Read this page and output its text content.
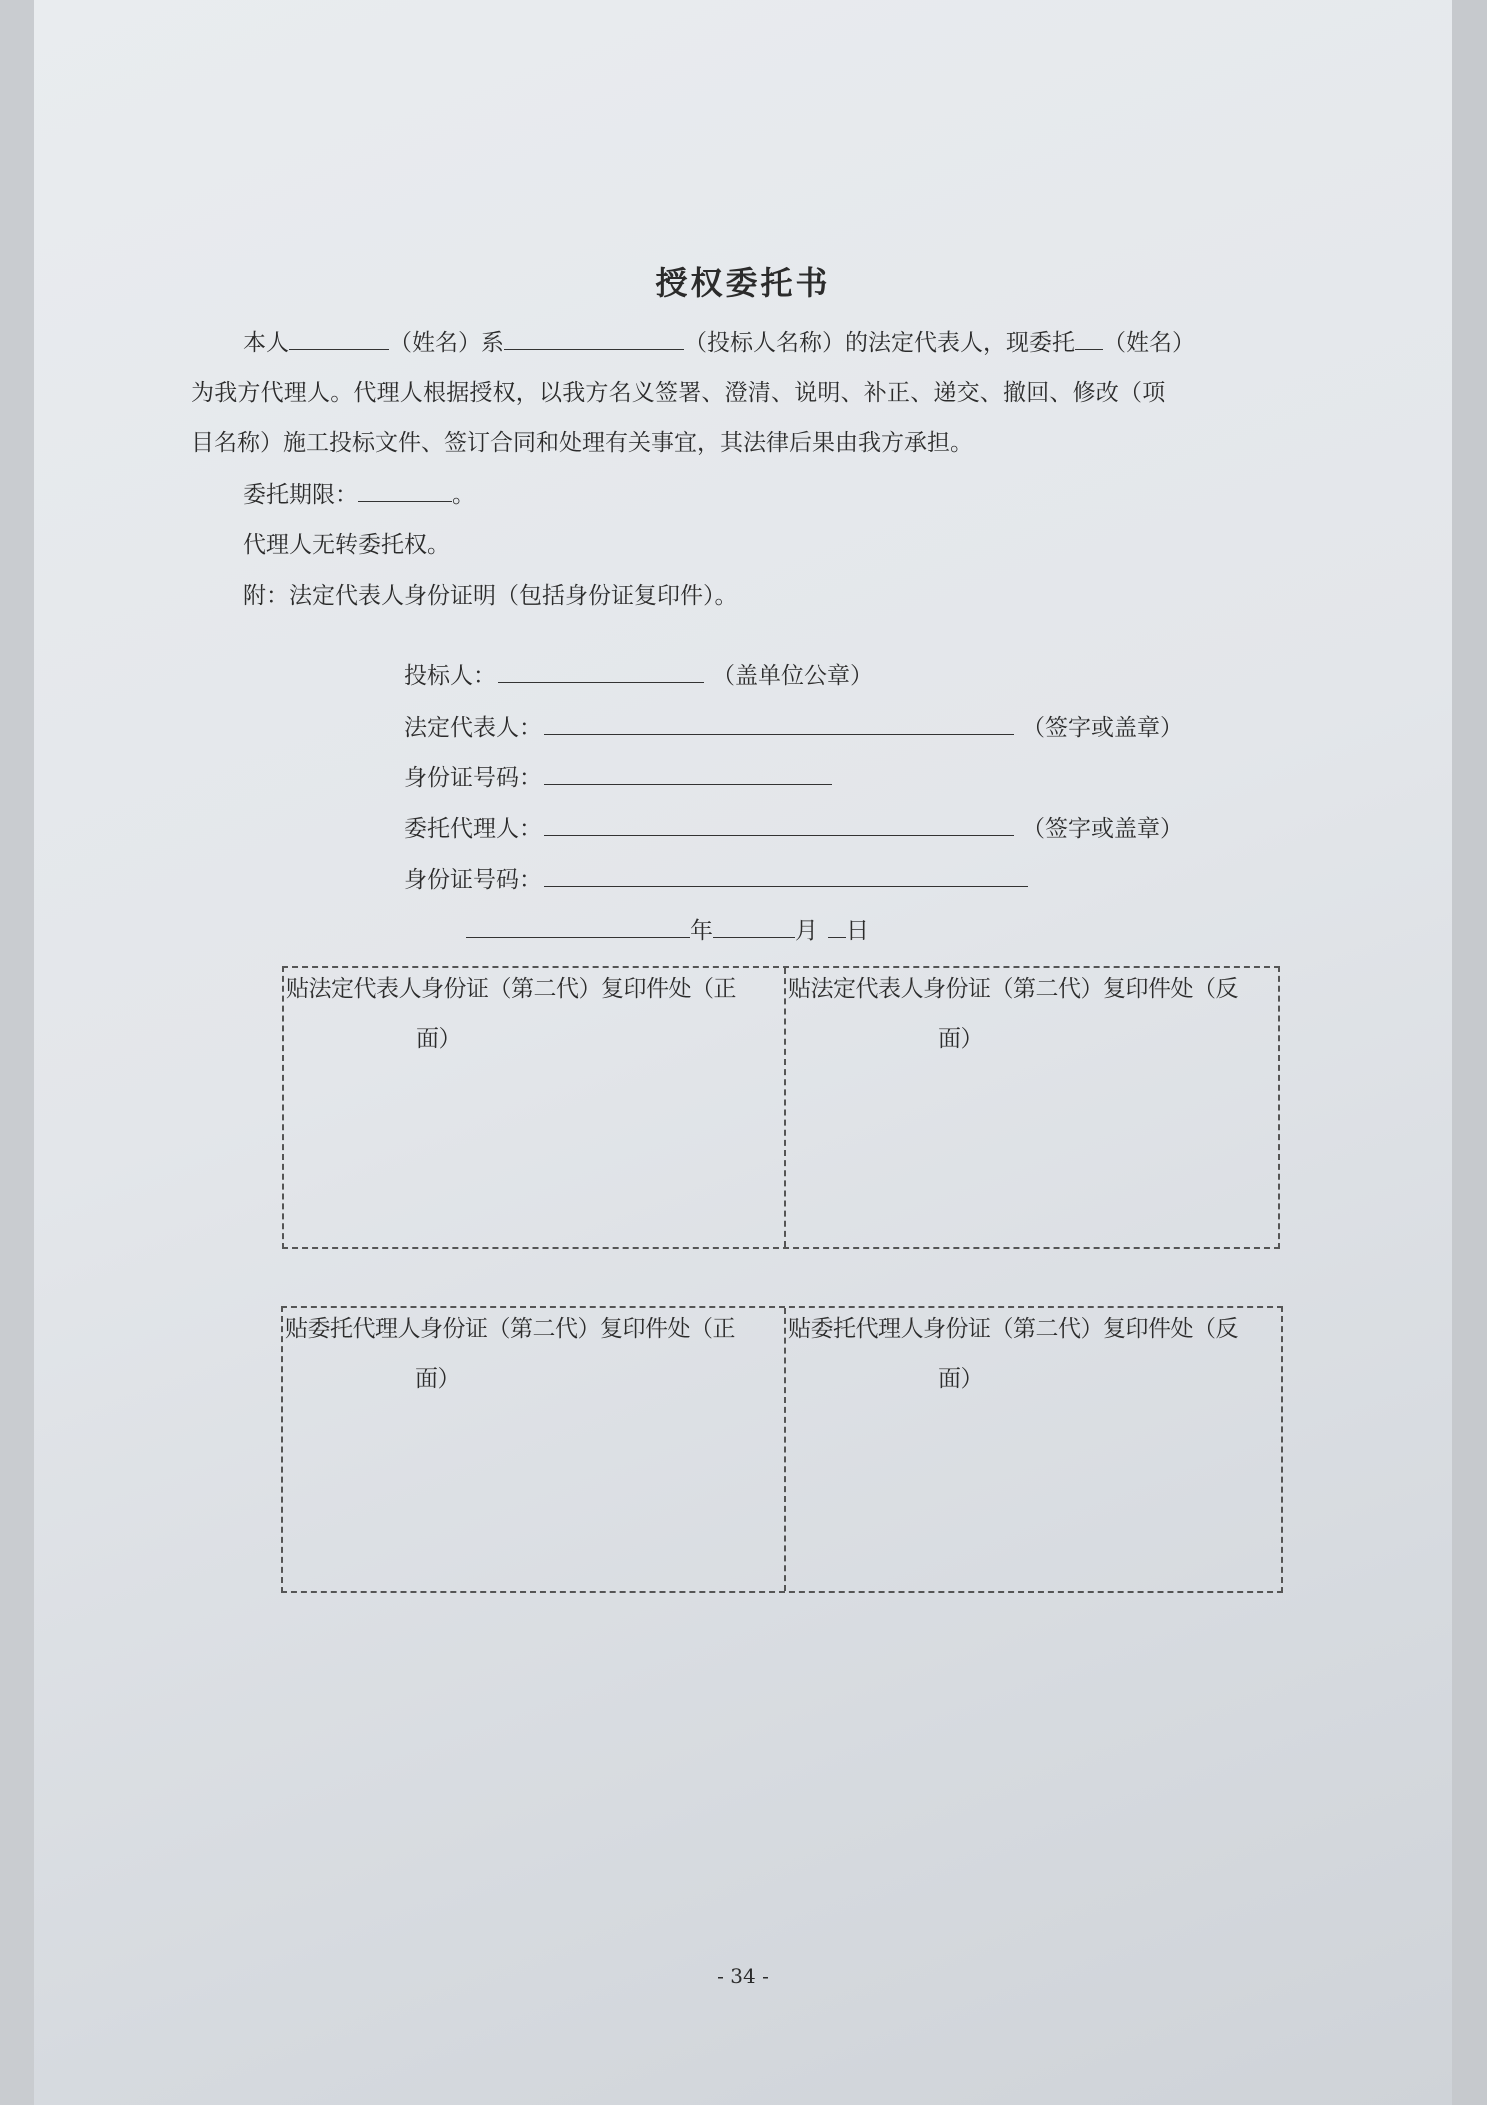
授权委托书
本人	（姓名）系	（投标人名称）的法定代表人，现委托 （姓名）
为我方代理人。代理人根据授权，以我方名义签署、澄清、说明、补正、递交、撤回、修改（项
目名称）施工投标文件、签订合同和处理有关事宜，其法律后果由我方承担。
委托期限：	。
代理人无转委托权。
附：法定代表人身份证明（包括身份证复印件）。
投标人：	（盖单位公章）
法定代表人：	（签字或盖章）
身份证号码：
委托代理人：	（签字或盖章）
身份证号码：
年	月 日
贴法定代表人身份证（第二代）复印件处（正
面）
贴法定代表人身份证（第二代）复印件处（反
面）
贴委托代理人身份证（第二代）复印件处（正
面）
贴委托代理人身份证（第二代）复印件处（反
面）
- 34 -
